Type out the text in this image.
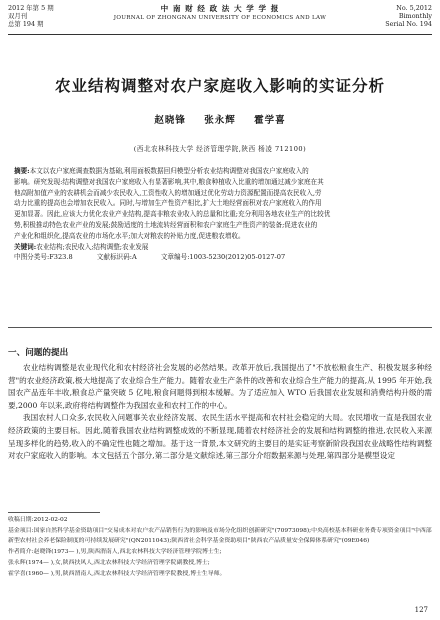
2012 年第 5 期
双月刊
总第 194 期
中 南 财 经 政 法 大 学 学 报
JOURNAL OF ZHONGNAN UNIVERSITY OF ECONOMICS AND LAW
No. 5,2012
Bimonthly
Serial No. 194
农业结构调整对农户家庭收入影响的实证分析
赵晓锋 张永辉 霍学喜
(西北农林科技大学 经济管理学院,陕西 杨凌 712100)

摘要:本文以农户家庭调查数据为基础,利用面板数据回归模型分析农业结构调整对我国农户家庭收入的

影响。研究发现:结构调整对我国农户家庭收入有显著影响,其中,粮食种植收入比重的增加通过减少家庭在其

他高附加值产业的农耕机会而减少农民收入,工资性收入的增加通过优化劳动力资源配置而提高农民收入,劳

动力比重的提高也会增加农民收入。同时,与增加生产性资产相比,扩大土地经营面积对农户家庭收入的作用

更加显著。因此,应该大力优化农业产业结构,提高非粮农业收入的总量和比重;充分利用各地农业生产的比较优

势,积极推动特色农业产业的发展;鼓励适度的土地流转经营面积和农户家庭生产性资产的装备;促进农业的

产业化和组织化,提高农业的市场化水平;加大对粮农的补贴力度,促进粮农增收。

关键词:农业结构;农民收入;结构调整;农业发展

中图分类号:F323.8	文献标识码:A	文章编号:1003-5230(2012)05-0127-07

一、问题的提出

农业结构调整是农业现代化和农村经济社会发展的必然结果。改革开放后,我国提出了"不放松粮食生产、积极发展多种经营"的农业经济政策,极大地提高了农业综合生产能力。随着农业生产条件的改善和农业综合生产能力的提高,从 1995 年开始,我国农产品连年丰收,粮食总产量突破 5 亿吨,粮食问题得到根本缓解。为了适应加入 WTO 后我国农业发展和消费结构升级的需要,2000 年以来,政府将结构调整作为我国农业和农村工作的中心。

我国农村人口众多,农民收入问题事关农业经济发展、农民生活水平提高和农村社会稳定的大局。农民增收一直是我国农业经济政策的主要目标。因此,随着我国农业结构调整成效的不断显现,随着农村经济社会的发展和结构调整的推进,农民收入来源呈现多样化的趋势,收入的不确定性也随之增加。基于这一背景,本文研究的主要目的是实证考察新阶段我国农业战略性结构调整对农户家庭收入的影响。本文包括五个部分,第二部分是文献综述,第三部分介绍数据来源与处理,第四部分是模型设定

收稿日期:2012-02-02

基金项目:国家自然科学基金资助项目"交易成本对农户农产品销售行为的影响及市场分化组织创新研究"(70973098);中央高校基本科研业务费专项资金项目"中西部新型农村社会养老保险制度的可持续发展研究"(QN2011043);陕西省社会科学基金资助项目"陕西农产品质量安全保障体系研究"(09E046)

作者简介:赵晓锋(1973— ),男,陕西渭南人,西北农林科技大学经济管理学院博士生;

张永辉(1974— ),女,陕西扶风人,西北农林科技大学经济管理学院副教授,博士;

霍学喜(1960— ),男,陕西渭南人,西北农林科技大学经济管理学院教授,博士生导师。

127
